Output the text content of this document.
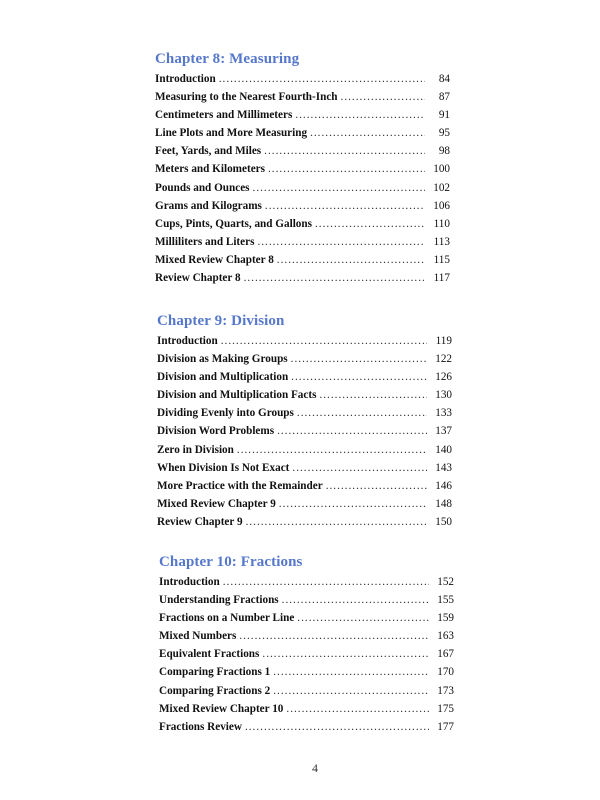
Chapter 8: Measuring
Introduction .....	84
Measuring to the Nearest Fourth-Inch .....	87
Centimeters and Millimeters .....	91
Line Plots and More Measuring .....	95
Feet, Yards, and Miles .....	98
Meters and Kilometers .....	100
Pounds and Ounces .....	102
Grams and Kilograms .....	106
Cups, Pints, Quarts, and Gallons .....	110
Milliliters and Liters .....	113
Mixed Review Chapter 8 .....	115
Review Chapter 8 .....	117
Chapter 9: Division
Introduction .....	119
Division as Making Groups .....	122
Division and Multiplication .....	126
Division and Multiplication Facts .....	130
Dividing Evenly into Groups .....	133
Division Word Problems .....	137
Zero in Division .....	140
When Division Is Not Exact .....	143
More Practice with the Remainder .....	146
Mixed Review Chapter 9 .....	148
Review Chapter 9 .....	150
Chapter 10: Fractions
Introduction .....	152
Understanding Fractions .....	155
Fractions on a Number Line .....	159
Mixed Numbers .....	163
Equivalent Fractions .....	167
Comparing Fractions 1 .....	170
Comparing Fractions 2 .....	173
Mixed Review Chapter 10 .....	175
Fractions Review .....	177
4
